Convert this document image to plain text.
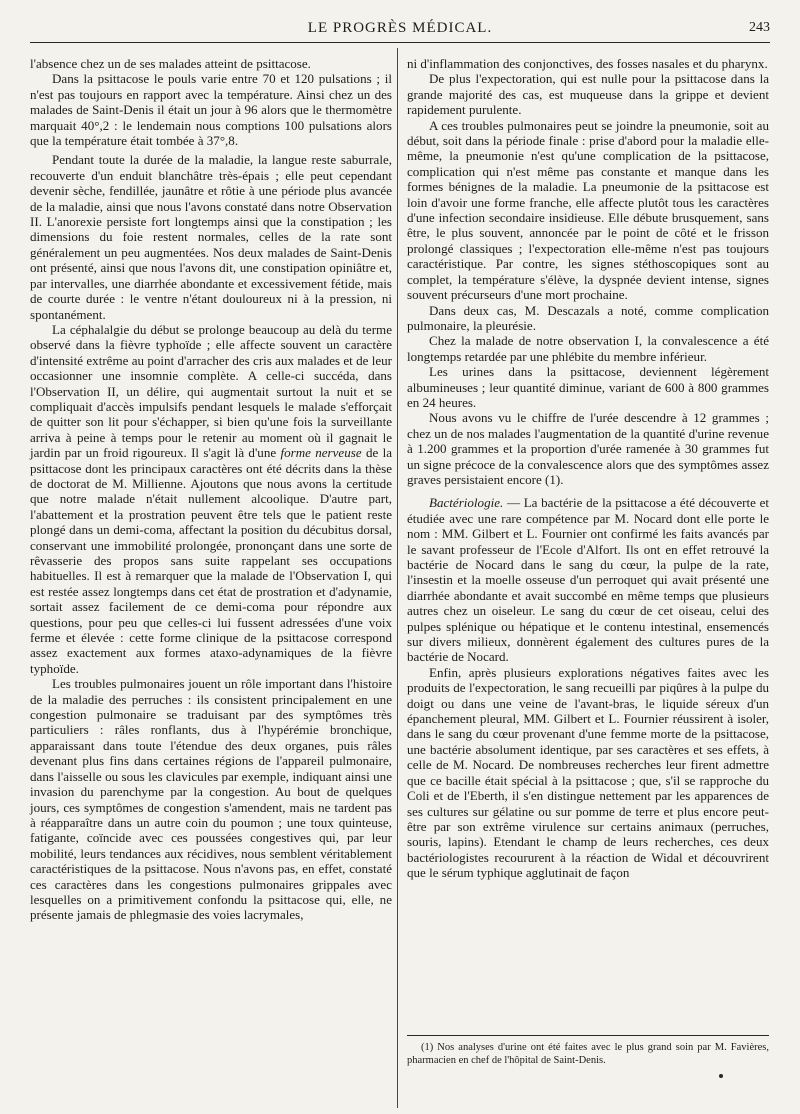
LE PROGRÈS MÉDICAL.	243

l'absence chez un de ses malades atteint de psittacose.

Dans la psittacose le pouls varie entre 70 et 120 pulsations ; il n'est pas toujours en rapport avec la température. Ainsi chez un des malades de Saint-Denis il était un jour à 96 alors que le thermomètre marquait 40°,2 : le lendemain nous comptions 100 pulsations alors que la température était tombée à 37°,8.

Pendant toute la durée de la maladie, la langue reste saburrale, recouverte d'un enduit blanchâtre très-épais ; elle peut cependant devenir sèche, fendillée, jaunâtre et rôtie à une période plus avancée de la maladie, ainsi que nous l'avons constaté dans notre Observation II. L'anorexie persiste fort longtemps ainsi que la constipation ; les dimensions du foie restent normales, celles de la rate sont généralement un peu augmentées. Nos deux malades de Saint-Denis ont présenté, ainsi que nous l'avons dit, une constipation opiniâtre et, par intervalles, une diarrhée abondante et excessivement fétide, mais de courte durée : le ventre n'étant douloureux ni à la pression, ni spontanément.

La céphalalgie du début se prolonge beaucoup au delà du terme observé dans la fièvre typhoïde ; elle affecte souvent un caractère d'intensité extrême au point d'arracher des cris aux malades et de leur occasionner une insomnie complète. A celle-ci succéda, dans l'Observation II, un délire, qui augmentait surtout la nuit et se compliquait d'accès impulsifs pendant lesquels le malade s'efforçait de quitter son lit pour s'échapper, si bien qu'une fois la surveillante arriva à peine à temps pour le retenir au moment où il gagnait le jardin par un froid rigoureux. Il s'agit là d'une forme nerveuse de la psittacose dont les principaux caractères ont été décrits dans la thèse de doctorat de M. Millienne. Ajoutons que nous avons la certitude que notre malade n'était nullement alcoolique. D'autre part, l'abattement et la prostration peuvent être tels que le patient reste plongé dans un demi-coma, affectant la position du décubitus dorsal, conservant une immobilité prolongée, prononçant dans une sorte de rêvasserie des propos sans suite rappelant ses occupations habituelles. Il est à remarquer que la malade de l'Observation I, qui est restée assez longtemps dans cet état de prostration et d'adynamie, sortait assez facilement de ce demi-coma pour répondre aux questions, pour peu que celles-ci lui fussent adressées d'une voix ferme et élevée : cette forme clinique de la psittacose correspond assez exactement aux formes ataxo-adynamiques de la fièvre typhoïde.

Les troubles pulmonaires jouent un rôle important dans l'histoire de la maladie des perruches : ils consistent principalement en une congestion pulmonaire se traduisant par des symptômes très particuliers : râles ronflants, dus à l'hypérémie bronchique, apparaissant dans toute l'étendue des deux organes, puis râles devenant plus fins dans certaines régions de l'appareil pulmonaire, dans l'aisselle ou sous les clavicules par exemple, indiquant ainsi une invasion du parenchyme par la congestion. Au bout de quelques jours, ces symptômes de congestion s'amendent, mais ne tardent pas à réapparaître dans un autre coin du poumon ; une toux quinteuse, fatigante, coïncide avec ces poussées congestives qui, par leur mobilité, leurs tendances aux récidives, nous semblent véritablement caractéristiques de la psittacose. Nous n'avons pas, en effet, constaté ces caractères dans les congestions pulmonaires grippales avec lesquelles on a primitivement confondu la psittacose qui, elle, ne présente jamais de phlegmasie des voies lacrymales,

ni d'inflammation des conjonctives, des fosses nasales et du pharynx.

De plus l'expectoration, qui est nulle pour la psittacose dans la grande majorité des cas, est muqueuse dans la grippe et devient rapidement purulente.

A ces troubles pulmonaires peut se joindre la pneumonie, soit au début, soit dans la période finale : prise d'abord pour la maladie elle-même, la pneumonie n'est qu'une complication de la psittacose, complication qui n'est même pas constante et manque dans les formes bénignes de la maladie. La pneumonie de la psittacose est loin d'avoir une forme franche, elle affecte plutôt tous les caractères d'une infection secondaire insidieuse. Elle débute brusquement, sans être, le plus souvent, annoncée par le point de côté et le frisson prolongé classiques ; l'expectoration elle-même n'est pas toujours caractéristique. Par contre, les signes stéthoscopiques sont au complet, la température s'élève, la dyspnée devient intense, signes souvent précurseurs d'une mort prochaine.

Dans deux cas, M. Descazals a noté, comme complication pulmonaire, la pleurésie.

Chez la malade de notre observation I, la convalescence a été longtemps retardée par une phlébite du membre inférieur.

Les urines dans la psittacose, deviennent légèrement albumineuses ; leur quantité diminue, variant de 600 à 800 grammes en 24 heures.

Nous avons vu le chiffre de l'urée descendre à 12 grammes ; chez un de nos malades l'augmentation de la quantité d'urine revenue à 1.200 grammes et la proportion d'urée ramenée à 30 grammes fut un signe précoce de la convalescence alors que des symptômes assez graves persistaient encore (1).

Bactériologie. — La bactérie de la psittacose a été découverte et étudiée avec une rare compétence par M. Nocard dont elle porte le nom : MM. Gilbert et L. Fournier ont confirmé les faits avancés par le savant professeur de l'Ecole d'Alfort. Ils ont en effet retrouvé la bactérie de Nocard dans le sang du cœur, la pulpe de la rate, l'insestin et la moelle osseuse d'un perroquet qui avait présenté une diarrhée abondante et avait succombé en même temps que plusieurs autres chez un oiseleur. Le sang du cœur de cet oiseau, celui des pulpes splénique ou hépatique et le contenu intestinal, ensemencés sur divers milieux, donnèrent également des cultures pures de la bactérie de Nocard.

Enfin, après plusieurs explorations négatives faites avec les produits de l'expectoration, le sang recueilli par piqûres à la pulpe du doigt ou dans une veine de l'avant-bras, le liquide séreux d'un épanchement pleural, MM. Gilbert et L. Fournier réussirent à isoler, dans le sang du cœur provenant d'une femme morte de la psittacose, une bactérie absolument identique, par ses caractères et ses effets, à celle de M. Nocard. De nombreuses recherches leur firent admettre que ce bacille était spécial à la psittacose ; que, s'il se rapproche du Coli et de l'Eberth, il s'en distingue nettement par les apparences de ses cultures sur gélatine ou sur pomme de terre et plus encore peut-être par son extrême virulence sur certains animaux (perruches, souris, lapins). Etendant le champ de leurs recherches, ces deux bactériologistes recoururent à la réaction de Widal et découvrirent que le sérum typhique agglutinait de façon

(1) Nos analyses d'urine ont été faites avec le plus grand soin par M. Favières, pharmacien en chef de l'hôpital de Saint-Denis.
